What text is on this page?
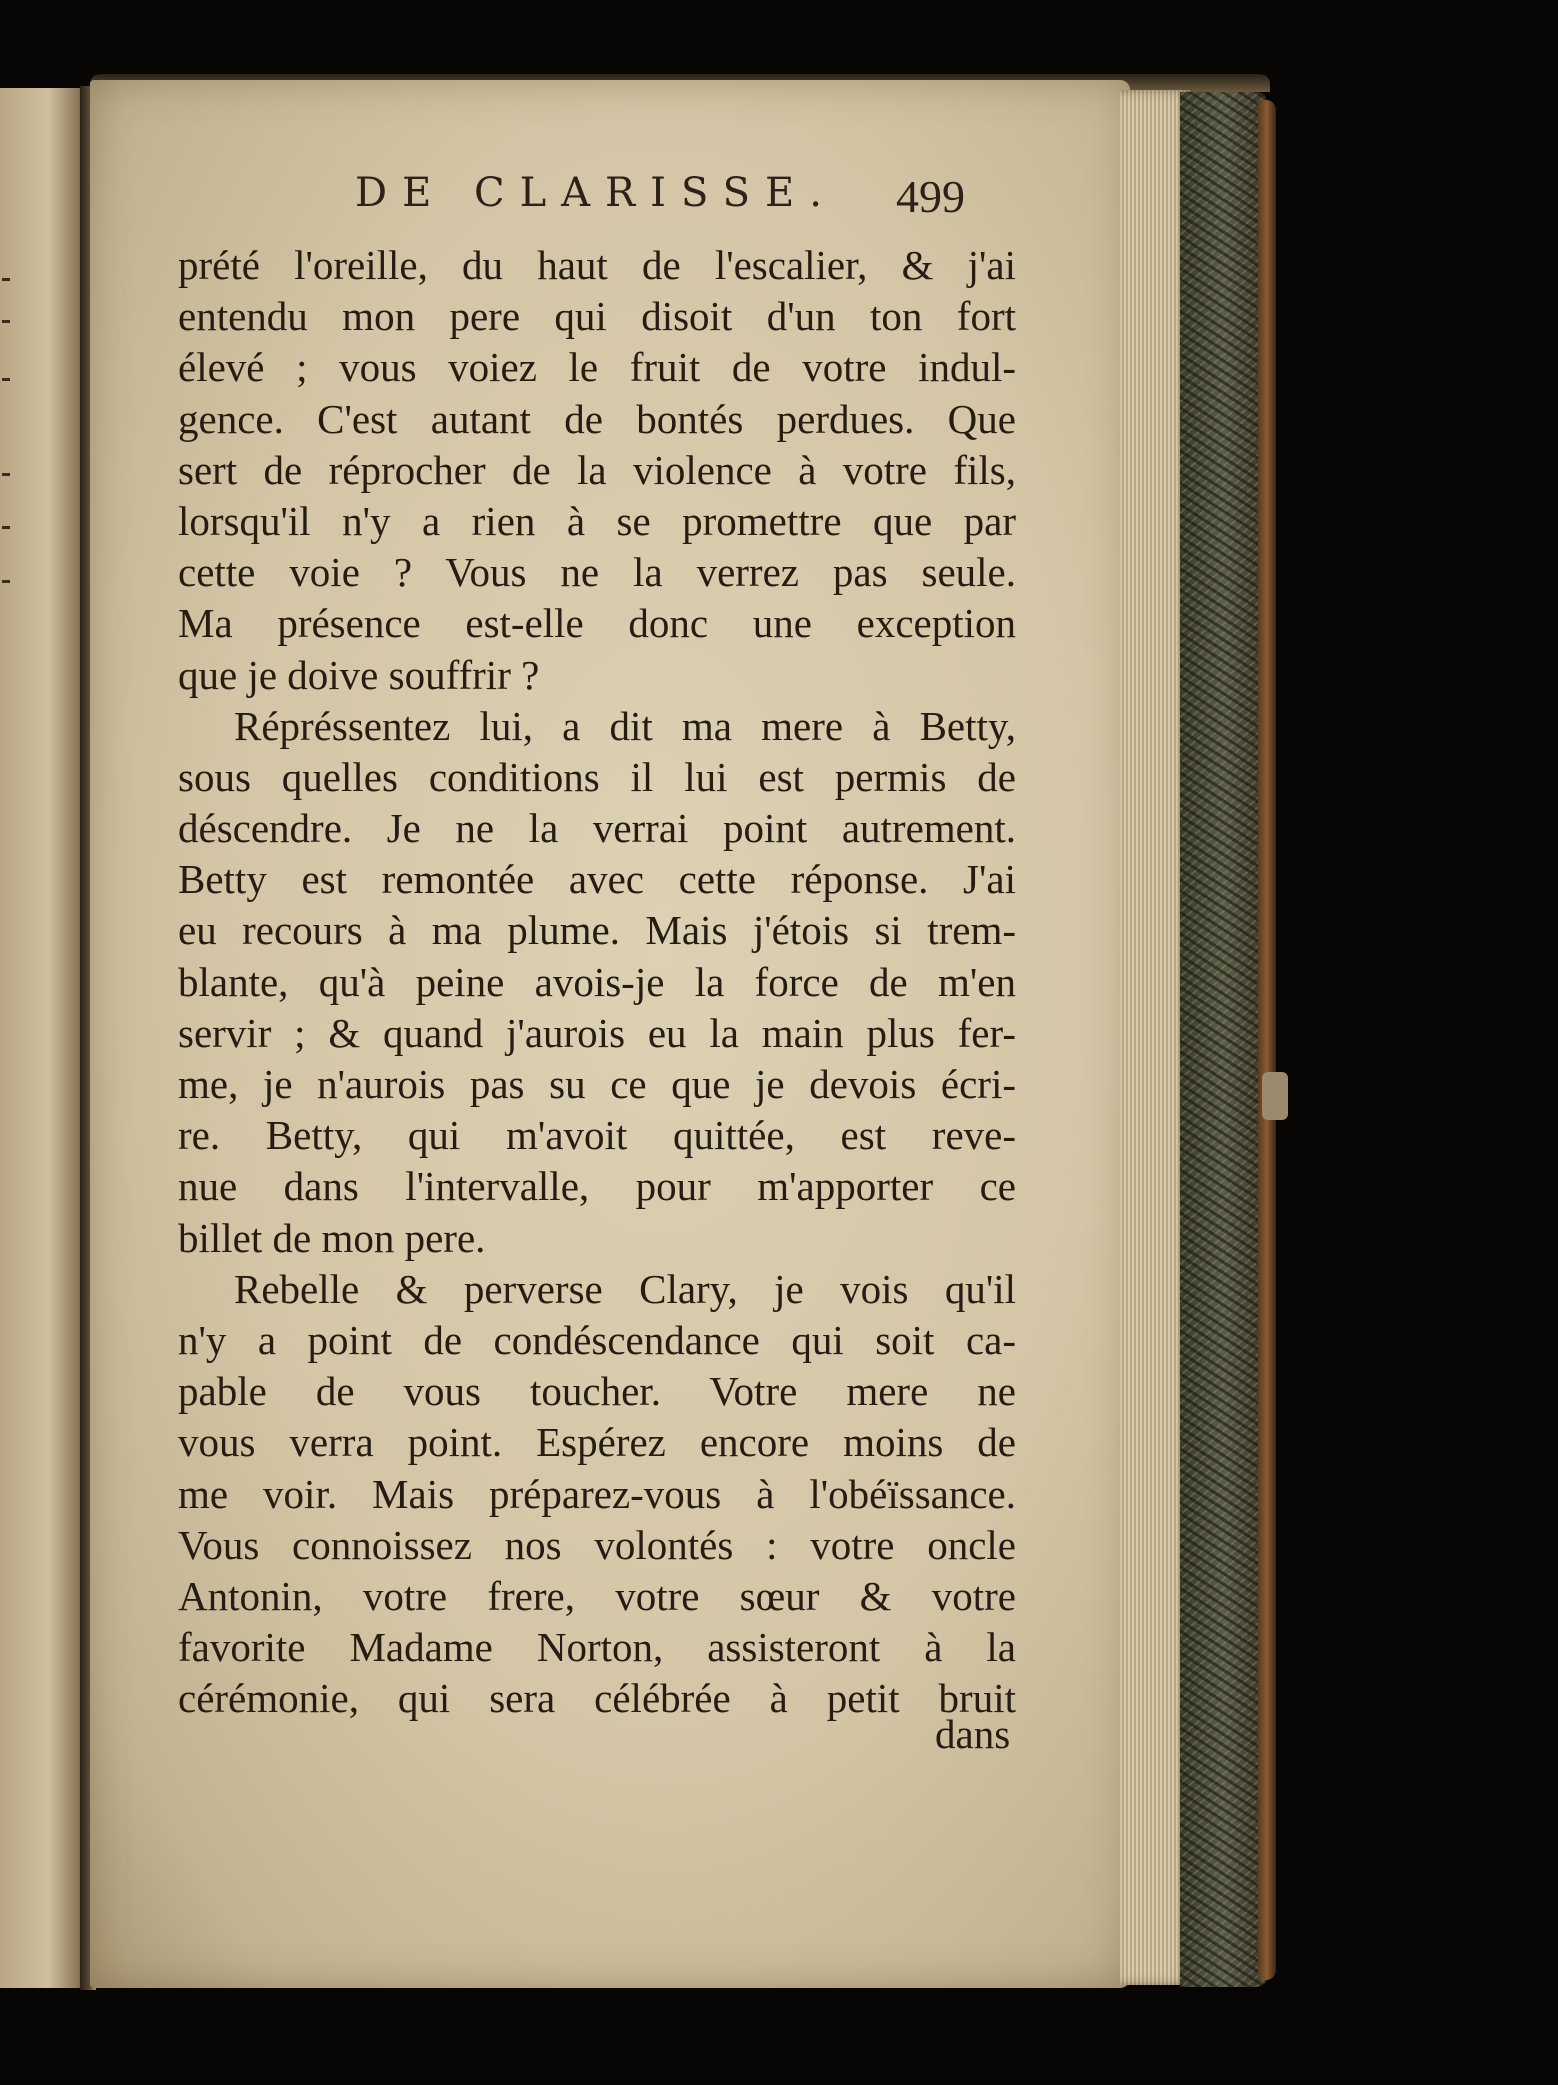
DE CLARISSE. 499
prété l'oreille, du haut de l'escalier, & j'ai
entendu mon pere qui disoit d'un ton fort
élevé ; vous voiez le fruit de votre indul-
gence. C'est autant de bontés perdues. Que
sert de réprocher de la violence à votre fils,
lorsqu'il n'y a rien à se promettre que par
cette voie ? Vous ne la verrez pas seule.
Ma présence est-elle donc une exception
que je doive souffrir ?
Répréssentez lui, a dit ma mere à Betty,
sous quelles conditions il lui est permis de
déscendre. Je ne la verrai point autrement.
Betty est remontée avec cette réponse. J'ai
eu recours à ma plume. Mais j'étois si trem-
blante, qu'à peine avois-je la force de m'en
servir ; & quand j'aurois eu la main plus fer-
me, je n'aurois pas su ce que je devois écri-
re. Betty, qui m'avoit quittée, est reve-
nue dans l'intervalle, pour m'apporter ce
billet de mon pere.
Rebelle & perverse Clary, je vois qu'il
n'y a point de condéscendance qui soit ca-
pable de vous toucher. Votre mere ne
vous verra point. Espérez encore moins de
me voir. Mais préparez-vous à l'obéïssance.
Vous connoissez nos volontés : votre oncle
Antonin, votre frere, votre sœur & votre
favorite Madame Norton, assisteront à la
cérémonie, qui sera célébrée à petit bruit
dans
